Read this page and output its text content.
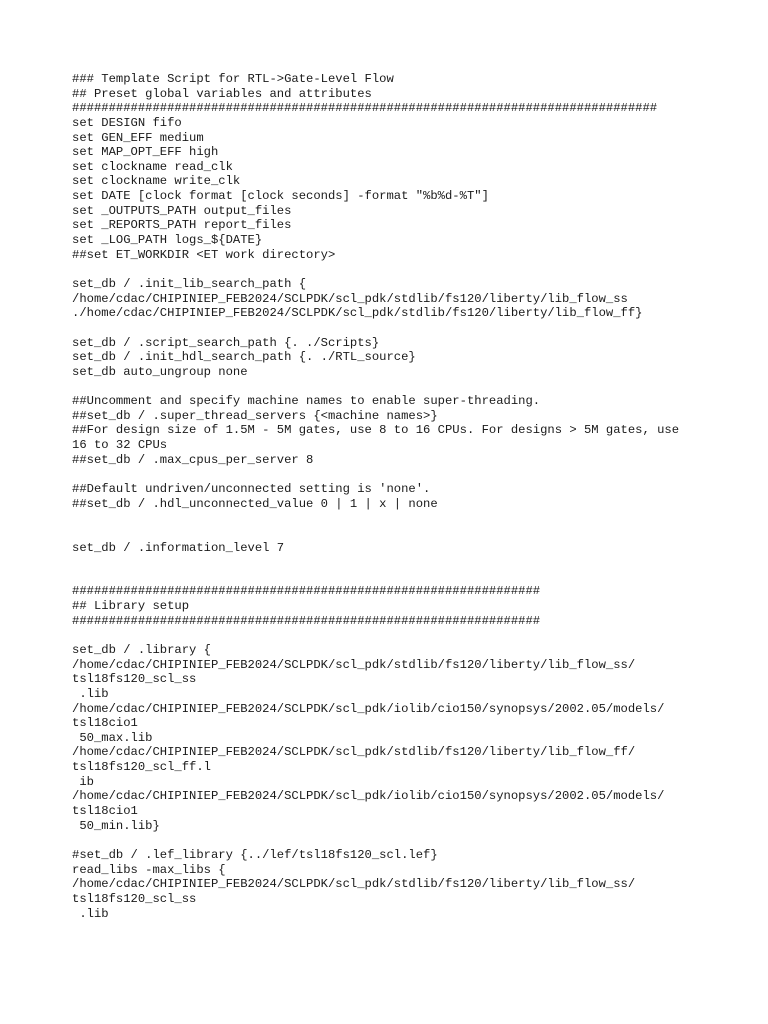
### Template Script for RTL->Gate-Level Flow
## Preset global variables and attributes
################################################################################
set DESIGN fifo
set GEN_EFF medium
set MAP_OPT_EFF high
set clockname read_clk
set clockname write_clk
set DATE [clock format [clock seconds] -format "%b%d-%T"]
set _OUTPUTS_PATH output_files
set _REPORTS_PATH report_files
set _LOG_PATH logs_${DATE}
##set ET_WORKDIR <ET work directory>
set_db / .init_lib_search_path {
/home/cdac/CHIPINIEP_FEB2024/SCLPDK/scl_pdk/stdlib/fs120/liberty/lib_flow_ss
./home/cdac/CHIPINIEP_FEB2024/SCLPDK/scl_pdk/stdlib/fs120/liberty/lib_flow_ff}
set_db / .script_search_path {. ./Scripts}
set_db / .init_hdl_search_path {. ./RTL_source}
set_db auto_ungroup none
##Uncomment and specify machine names to enable super-threading.
##set_db / .super_thread_servers {<machine names>}
##For design size of 1.5M - 5M gates, use 8 to 16 CPUs. For designs > 5M gates, use
16 to 32 CPUs
##set_db / .max_cpus_per_server 8
##Default undriven/unconnected setting is 'none'.
##set_db / .hdl_unconnected_value 0 | 1 | x | none
set_db / .information_level 7
################################################################
## Library setup
################################################################
set_db / .library {
/home/cdac/CHIPINIEP_FEB2024/SCLPDK/scl_pdk/stdlib/fs120/liberty/lib_flow_ss/
tsl18fs120_scl_ss
.lib
/home/cdac/CHIPINIEP_FEB2024/SCLPDK/scl_pdk/iolib/cio150/synopsys/2002.05/models/
tsl18cio1
50_max.lib
/home/cdac/CHIPINIEP_FEB2024/SCLPDK/scl_pdk/stdlib/fs120/liberty/lib_flow_ff/
tsl18fs120_scl_ff.l
ib
/home/cdac/CHIPINIEP_FEB2024/SCLPDK/scl_pdk/iolib/cio150/synopsys/2002.05/models/
tsl18cio1
50_min.lib}
#set_db / .lef_library {../lef/tsl18fs120_scl.lef}
read_libs -max_libs {
/home/cdac/CHIPINIEP_FEB2024/SCLPDK/scl_pdk/stdlib/fs120/liberty/lib_flow_ss/
tsl18fs120_scl_ss
.lib
